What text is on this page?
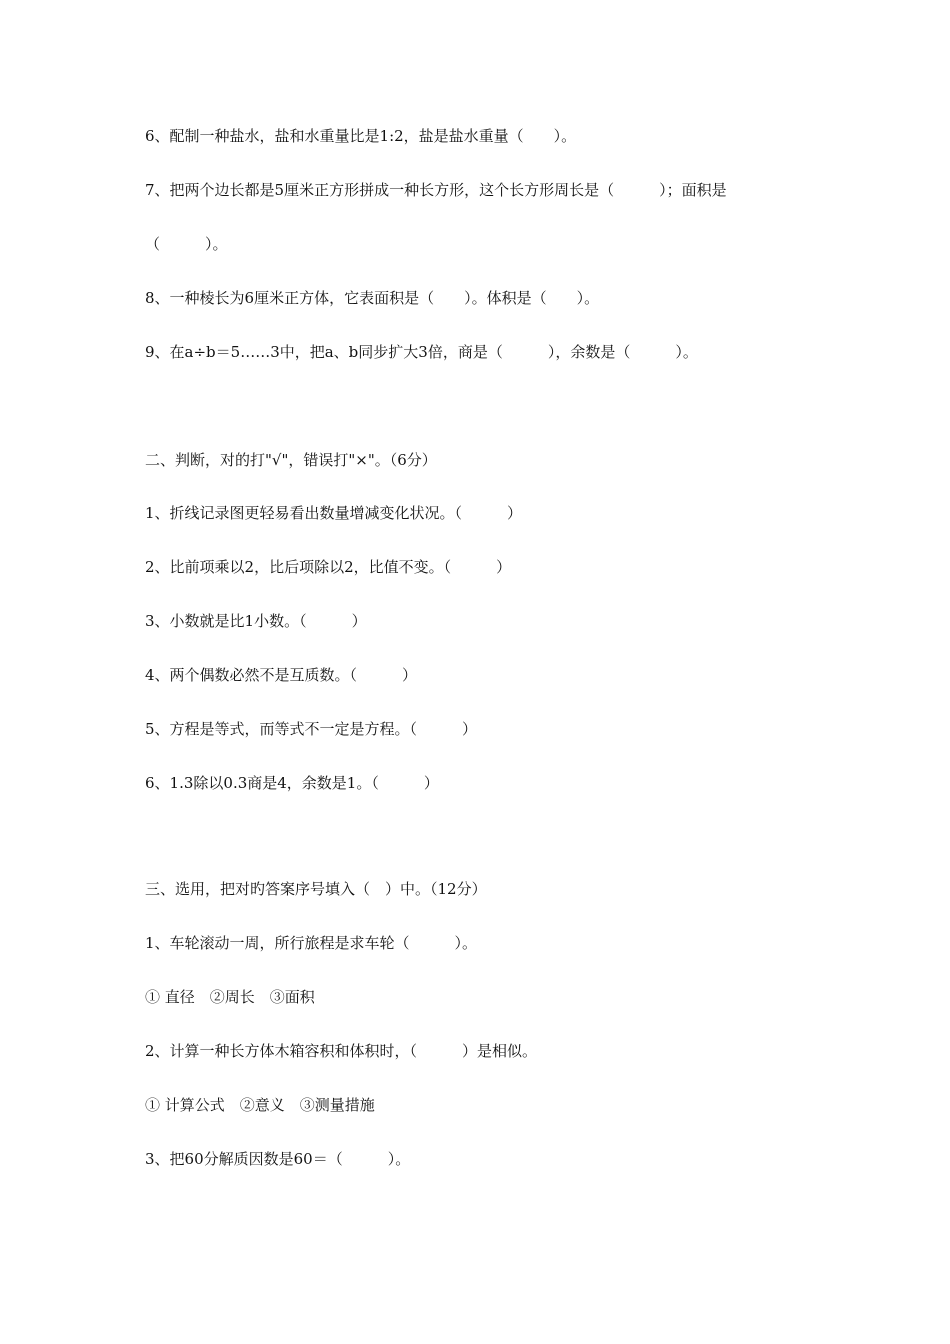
6、配制一种盐水，盐和水重量比是1:2，盐是盐水重量（　　）。
7、把两个边长都是5厘米正方形拼成一种长方形，这个长方形周长是（　　　）；面积是
（　　　）。
8、一种棱长为6厘米正方体，它表面积是（　　）。体积是（　　）。
9、在a÷b＝5……3中，把a、b同步扩大3倍，商是（　　　），余数是（　　　）。
二、判断，对的打"√"，错误打"×"。（6分）
1、折线记录图更轻易看出数量增减变化状况。（　　　）
2、比前项乘以2，比后项除以2，比值不变。（　　　）
3、小数就是比1小数。（　　　）
4、两个偶数必然不是互质数。（　　　）
5、方程是等式，而等式不一定是方程。（　　　）
6、1.3除以0.3商是4，余数是1。（　　　）
三、选用，把对旳答案序号填入（　）中。（12分）
1、车轮滚动一周，所行旅程是求车轮（　　　）。
① 直径　②周长　③面积
2、计算一种长方体木箱容积和体积时，（　　　）是相似。
① 计算公式　②意义　③测量措施
3、把60分解质因数是60＝（　　　）。
